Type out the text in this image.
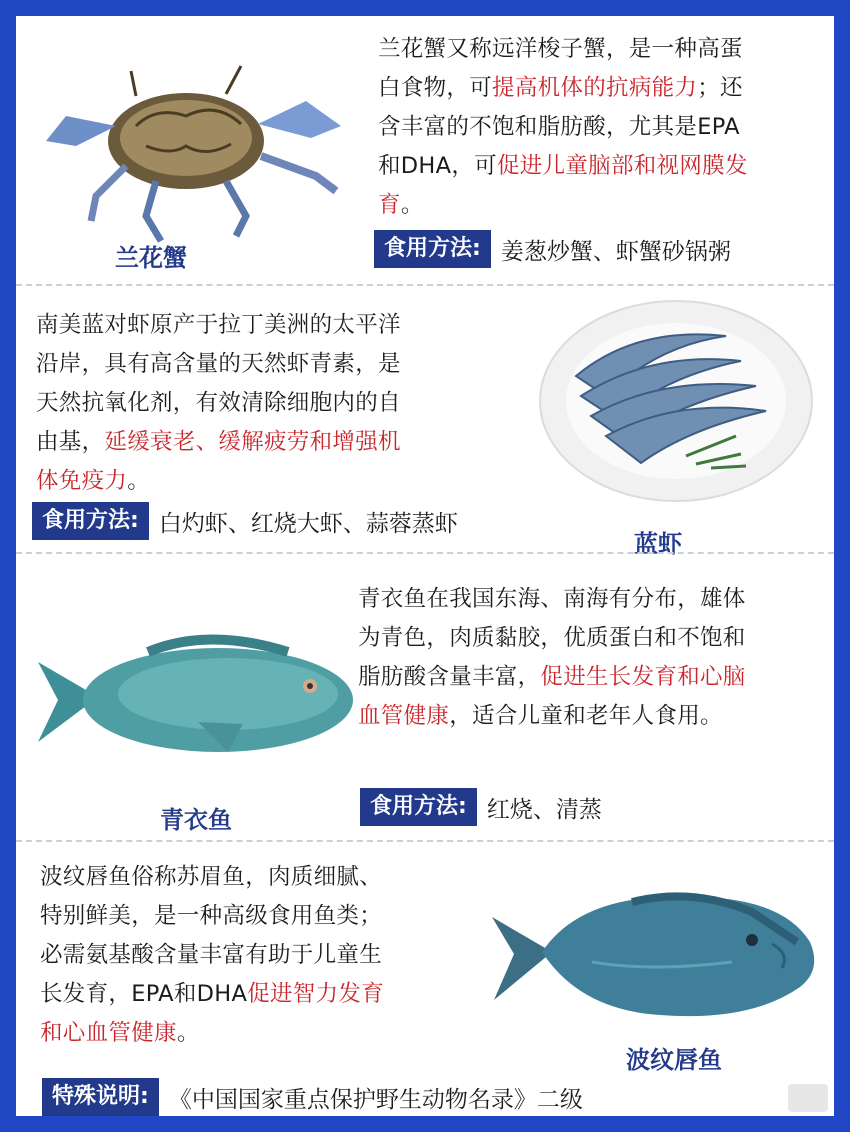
兰花蟹
兰花蟹又称远洋梭子蟹，是一种高蛋
白食物，可提高机体的抗病能力；还
含丰富的不饱和脂肪酸，尤其是EPA
和DHA，可促进儿童脑部和视网膜发
育。
食用方法: 姜葱炒蟹、虾蟹砂锅粥
南美蓝对虾原产于拉丁美洲的太平洋
沿岸，具有高含量的天然虾青素，是
天然抗氧化剂，有效清除细胞内的自
由基，延缓衰老、缓解疲劳和增强机
体免疫力。
食用方法: 白灼虾、红烧大虾、蒜蓉蒸虾
蓝虾
青衣鱼
青衣鱼在我国东海、南海有分布，雄体
为青色，肉质黏胶，优质蛋白和不饱和
脂肪酸含量丰富，促进生长发育和心脑
血管健康，适合儿童和老年人食用。
食用方法: 红烧、清蒸
波纹唇鱼俗称苏眉鱼，肉质细腻、
特别鲜美，是一种高级食用鱼类；
必需氨基酸含量丰富有助于儿童生
长发育，EPA和DHA促进智力发育
和心血管健康。
波纹唇鱼
特殊说明: 《中国国家重点保护野生动物名录》二级
